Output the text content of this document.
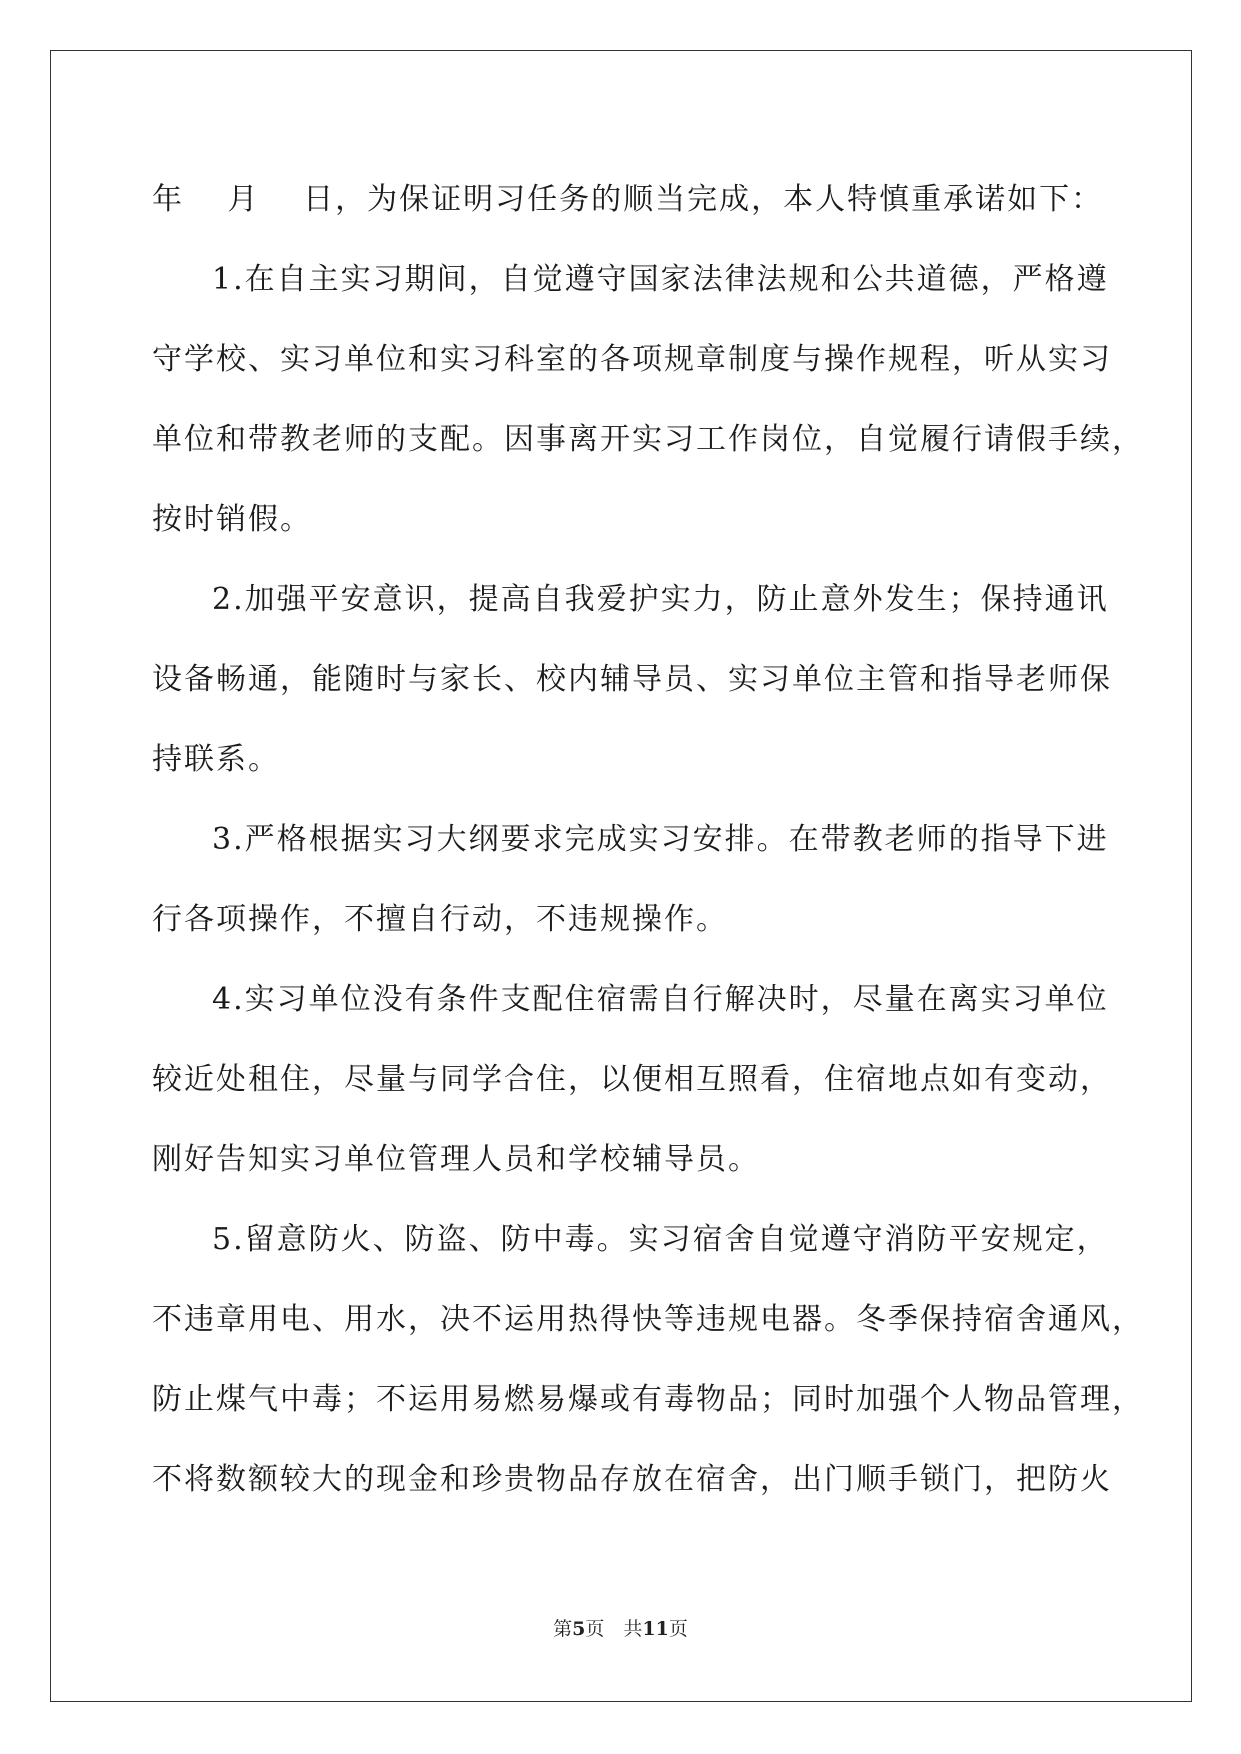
年　 月　 日，为保证明习任务的顺当完成，本人特慎重承诺如下：
1.在自主实习期间，自觉遵守国家法律法规和公共道德，严格遵
守学校、实习单位和实习科室的各项规章制度与操作规程，听从实习
单位和带教老师的支配。因事离开实习工作岗位，自觉履行请假手续，
按时销假。
2.加强平安意识，提高自我爱护实力，防止意外发生；保持通讯
设备畅通，能随时与家长、校内辅导员、实习单位主管和指导老师保
持联系。
3.严格根据实习大纲要求完成实习安排。在带教老师的指导下进
行各项操作，不擅自行动，不违规操作。
4.实习单位没有条件支配住宿需自行解决时，尽量在离实习单位
较近处租住，尽量与同学合住，以便相互照看，住宿地点如有变动，
刚好告知实习单位管理人员和学校辅导员。
5.留意防火、防盗、防中毒。实习宿舍自觉遵守消防平安规定，
不违章用电、用水，决不运用热得快等违规电器。冬季保持宿舍通风，
防止煤气中毒；不运用易燃易爆或有毒物品；同时加强个人物品管理，
不将数额较大的现金和珍贵物品存放在宿舍，出门顺手锁门，把防火
第5页　共11页
